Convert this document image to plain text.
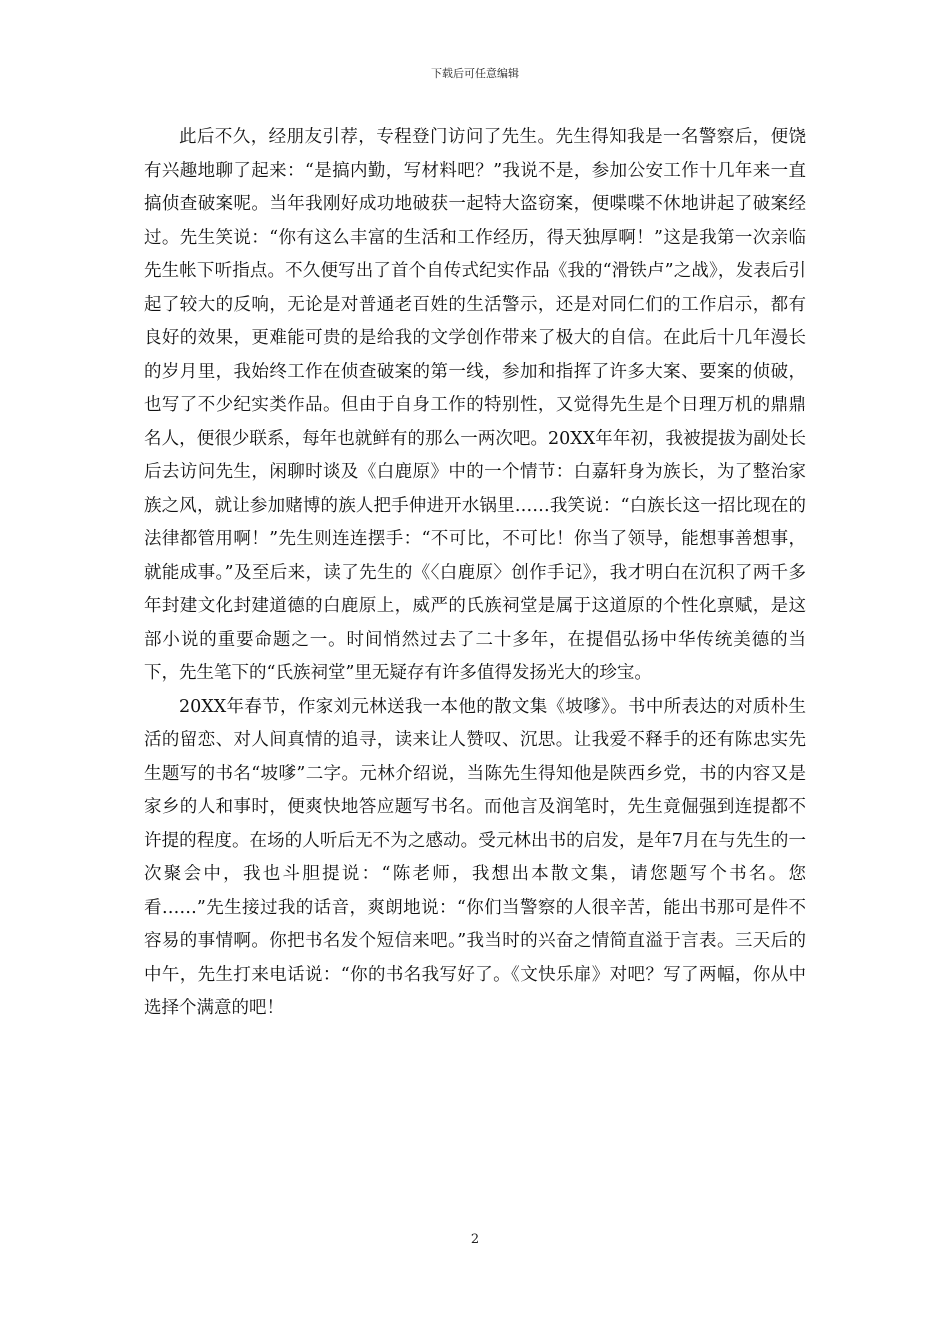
下载后可任意编辑

此后不久，经朋友引荐，专程登门访问了先生。先生得知我是一名警察后，便饶有兴趣地聊了起来：“是搞内勤，写材料吧？”我说不是，参加公安工作十几年来一直搞侦查破案呢。当年我刚好成功地破获一起特大盗窃案，便喋喋不休地讲起了破案经过。先生笑说：“你有这么丰富的生活和工作经历，得天独厚啊！”这是我第一次亲临先生帐下听指点。不久便写出了首个自传式纪实作品《我的“滑铁卢”之战》，发表后引起了较大的反响，无论是对普通老百姓的生活警示，还是对同仁们的工作启示，都有良好的效果，更难能可贵的是给我的文学创作带来了极大的自信。在此后十几年漫长的岁月里，我始终工作在侦查破案的第一线，参加和指挥了许多大案、要案的侦破，也写了不少纪实类作品。但由于自身工作的特别性，又觉得先生是个日理万机的鼎鼎名人，便很少联系，每年也就鲜有的那么一两次吧。20XX年年初，我被提拔为副处长后去访问先生，闲聊时谈及《白鹿原》中的一个情节：白嘉轩身为族长，为了整治家族之风，就让参加赌博的族人把手伸进开水锅里……我笑说：“白族长这一招比现在的法律都管用啊！”先生则连连摆手：“不可比，不可比！你当了领导，能想事善想事，就能成事。”及至后来，读了先生的《〈白鹿原〉创作手记》，我才明白在沉积了两千多年封建文化封建道德的白鹿原上，威严的氏族祠堂是属于这道原的个性化禀赋，是这部小说的重要命题之一。时间悄然过去了二十多年，在提倡弘扬中华传统美德的当下，先生笔下的“氏族祠堂”里无疑存有许多值得发扬光大的珍宝。

20XX年春节，作家刘元林送我一本他的散文集《坡嗲》。书中所表达的对质朴生活的留恋、对人间真情的追寻，读来让人赞叹、沉思。让我爱不释手的还有陈忠实先生题写的书名“坡嗲”二字。元林介绍说，当陈先生得知他是陕西乡党，书的内容又是家乡的人和事时，便爽快地答应题写书名。而他言及润笔时，先生竟倔强到连提都不许提的程度。在场的人听后无不为之感动。受元林出书的启发，是年7月在与先生的一次聚会中，我也斗胆提说：“陈老师，我想出本散文集，请您题写个书名。您看……”先生接过我的话音，爽朗地说：“你们当警察的人很辛苦，能出书那可是件不容易的事情啊。你把书名发个短信来吧。”我当时的兴奋之情简直溢于言表。三天后的中午，先生打来电话说：“你的书名我写好了。《文快乐扉》对吧？写了两幅，你从中选择个满意的吧！

2
